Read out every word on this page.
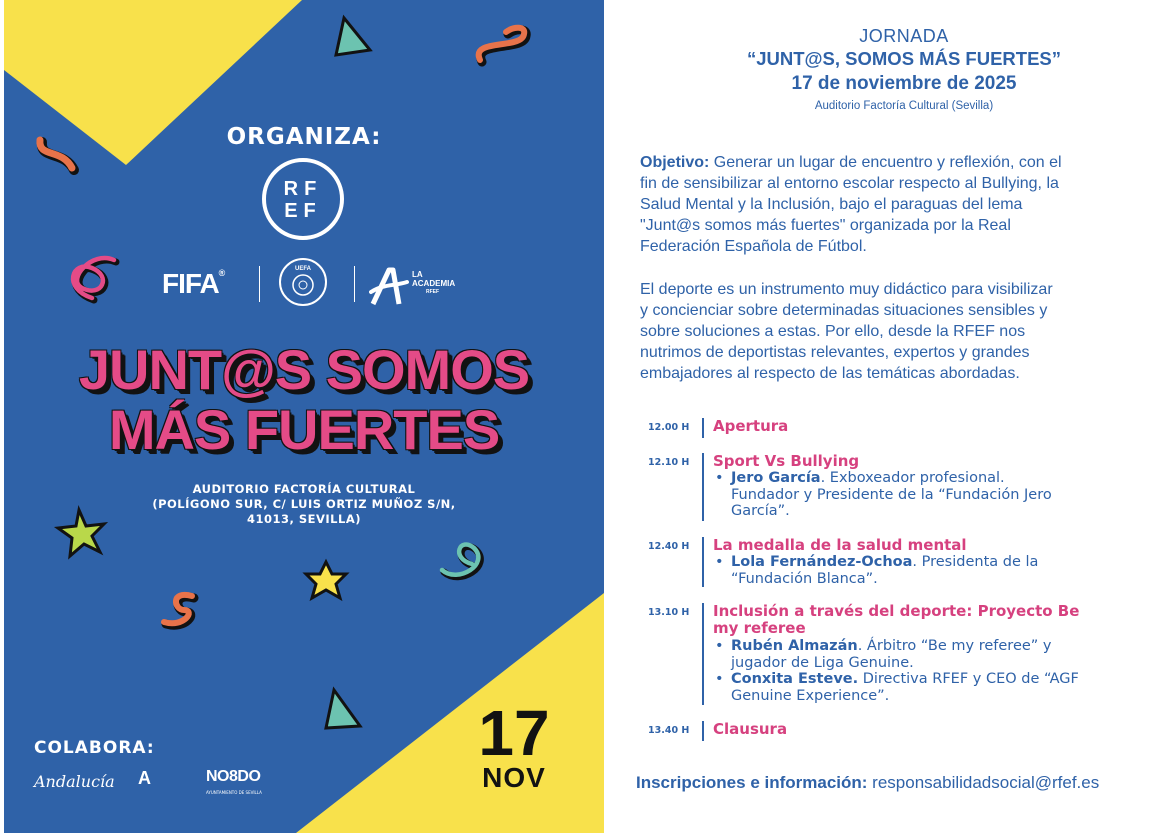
ORGANIZA:
RF
EF
FIFA®	UEFA
LA
ACADEMIA
RFEF
JUNT@S SOMOS
MÁS FUERTES
AUDITORIO FACTORÍA CULTURAL
(POLÍGONO SUR, C/ LUIS ORTIZ MUÑOZ S/N,
41013, SEVILLA)
COLABORA:
Andalucía A	NO8DO
AYUNTAMIENTO DE SEVILLA
17
NOV
JORNADA
“JUNT@S, SOMOS MÁS FUERTES”
17 de noviembre de 2025
Auditorio Factoría Cultural (Sevilla)
Objetivo: Generar un lugar de encuentro y reflexión, con el
fin de sensibilizar al entorno escolar respecto al Bullying, la
Salud Mental y la Inclusión, bajo el paraguas del lema
"Junt@s somos más fuertes" organizada por la Real
Federación Española de Fútbol.
El deporte es un instrumento muy didáctico para visibilizar
y concienciar sobre determinadas situaciones sensibles y
sobre soluciones a estas. Por ello, desde la RFEF nos
nutrimos de deportistas relevantes, expertos y grandes
embajadores al respecto de las temáticas abordadas.
12.00 H	Apertura
12.10 H	Sport Vs Bullying
• Jero García. Exboxeador profesional.
Fundador y Presidente de la “Fundación Jero
García”.
12.40 H	La medalla de la salud mental
• Lola Fernández-Ochoa. Presidenta de la
“Fundación Blanca”.
13.10 H	Inclusión a través del deporte: Proyecto Be
my referee
• Rubén Almazán. Árbitro “Be my referee” y
jugador de Liga Genuine.
• Conxita Esteve. Directiva RFEF y CEO de “AGF
Genuine Experience”.
13.40 H	Clausura
Inscripciones e información: responsabilidadsocial@rfef.es
